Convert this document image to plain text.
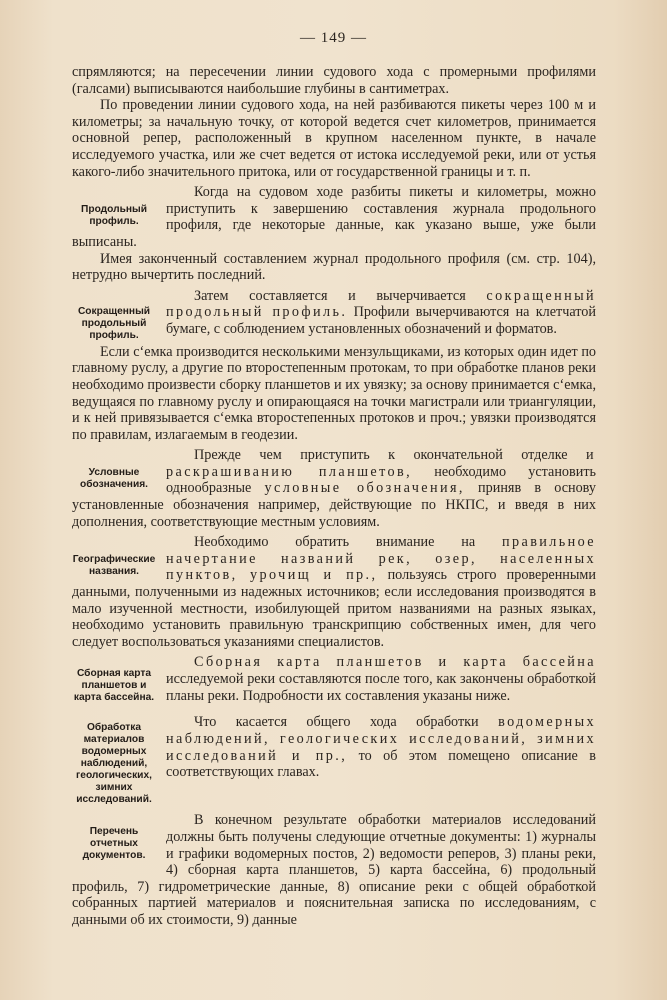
— 149 —

спрямляются; на пересечении линии судового хода с промерными профилями (галсами) выписываются наибольшие глубины в сантиметрах.

По проведении линии судового хода, на ней разбиваются пикеты через 100 м и километры; за начальную точку, от которой ведется счет километров, принимается основной репер, расположенный в крупном населенном пункте, в начале исследуемого участка, или же счет ведется от истока исследуемой реки, или от устья какого-либо значительного притока, или от государственной границы и т. п.

Продольный профиль.

Когда на судовом ходе разбиты пикеты и километры, можно приступить к завершению составления журнала продольного профиля, где некоторые данные, как указано выше, уже были выписаны.

Имея законченный составлением журнал продольного профиля (см. стр. 104), нетрудно вычертить последний.

Сокращенный продольный профиль.

Затем составляется и вычерчивается сокращенный продольный профиль. Профили вычерчиваются на клетчатой бумаге, с соблюдением установленных обозначений и форматов.

Если с‘емка производится несколькими мензульщиками, из которых один идет по главному руслу, а другие по второстепенным протокам, то при обработке планов реки необходимо произвести сборку планшетов и их увязку; за основу принимается с‘емка, ведущаяся по главному руслу и опирающаяся на точки магистрали или триангуляции, и к ней привязывается с‘емка второстепенных протоков и проч.; увязки производятся по правилам, излагаемым в геодезии.

Условные обозначения.

Прежде чем приступить к окончательной отделке и раскрашиванию планшетов, необходимо установить однообразные условные обозначения, приняв в основу установленные обозначения например, действующие по НКПС, и введя в них дополнения, соответствующие местным условиям.

Географические названия.

Необходимо обратить внимание на правильное начертание названий рек, озер, населенных пунктов, урочищ и пр., пользуясь строго проверенными данными, полученными из надежных источников; если исследования производятся в мало изученной местности, изобилующей притом названиями на разных языках, необходимо установить правильную транскрипцию собственных имен, для чего следует воспользоваться указаниями специалистов.

Сборная карта планшетов и карта бассейна.

Сборная карта планшетов и карта бассейна исследуемой реки составляются после того, как закончены обработкой планы реки. Подробности их составления указаны ниже.

Обработка материалов водомерных наблюдений, геологических, зимних исследований.

Что касается общего хода обработки водомерных наблюдений, геологических исследований, зимних исследований и пр., то об этом помещено описание в соответствующих главах.

Перечень отчетных документов.

В конечном результате обработки материалов исследований должны быть получены следующие отчетные документы: 1) журналы и графики водомерных постов, 2) ведомости реперов, 3) планы реки, 4) сборная карта планшетов, 5) карта бассейна, 6) продольный профиль, 7) гидрометрические данные, 8) описание реки с общей обработкой собранных партией материалов и пояснительная записка по исследованиям, с данными об их стоимости, 9) данные
